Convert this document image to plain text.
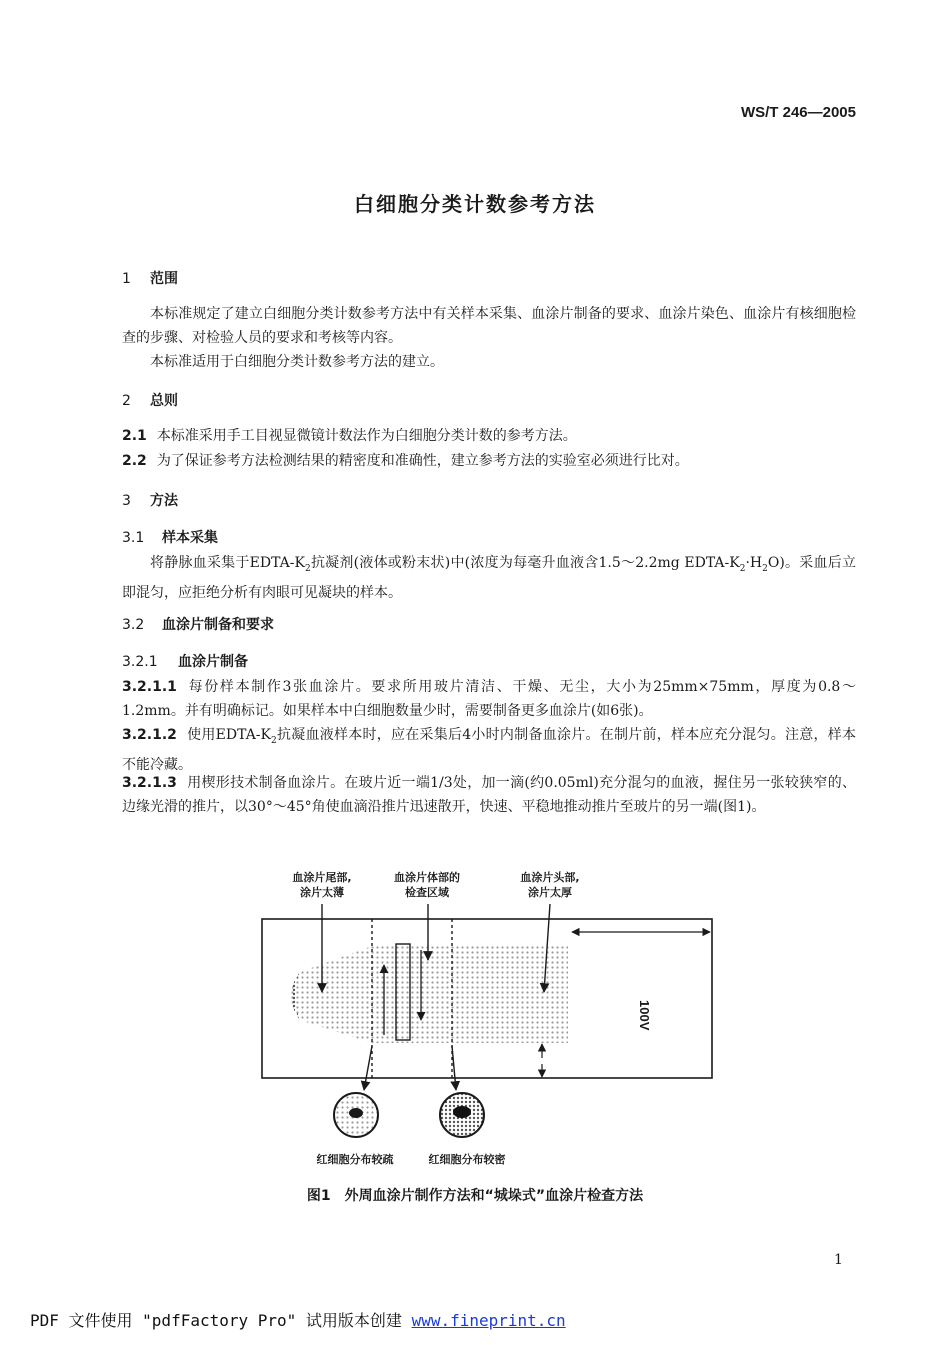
WS/T 246—2005
白细胞分类计数参考方法
1 范围
本标准规定了建立白细胞分类计数参考方法中有关样本采集、血涂片制备的要求、血涂片染色、血涂片有核细胞检查的步骤、对检验人员的要求和考核等内容。
本标准适用于白细胞分类计数参考方法的建立。
2 总则
2.1 本标准采用手工目视显微镜计数法作为白细胞分类计数的参考方法。
2.2 为了保证参考方法检测结果的精密度和准确性，建立参考方法的实验室必须进行比对。
3 方法
3.1 样本采集
将静脉血采集于EDTA-$K_2$抗凝剂(液体或粉末状)中(浓度为每毫升血液含1.5～2.2mg EDTA-$K_2\cdot H_2O$)。采血后立即混匀，应拒绝分析有肉眼可见凝块的样本。
3.2 血涂片制备和要求
3.2.1 血涂片制备
3.2.1.1 每份样本制作3张血涂片。要求所用玻片清洁、干燥、无尘，大小为25mm×75mm，厚度为0.8～1.2mm。并有明确标记。如果样本中白细胞数量少时，需要制备更多血涂片(如6张)。
3.2.1.2 使用EDTA-$K_2$抗凝血液样本时，应在采集后4小时内制备血涂片。在制片前，样本应充分混匀。注意，样本不能冷藏。
3.2.1.3 用楔形技术制备血涂片。在玻片近一端1/3处，加一滴(约0.05ml)充分混匀的血液，握住另一张较狭窄的、边缘光滑的推片，以30°～45°角使血滴沿推片迅速散开，快速、平稳地推动推片至玻片的另一端(图1)。
血涂片尾部,
涂片太薄
血涂片体部的
检查区域
血涂片头部,
涂片太厚
红细胞分布较疏	红细胞分布较密
100V
图1　外周血涂片制作方法和“城垛式”血涂片检查方法
1
PDF 文件使用 "pdfFactory Pro" 试用版本创建 www.fineprint.cn
